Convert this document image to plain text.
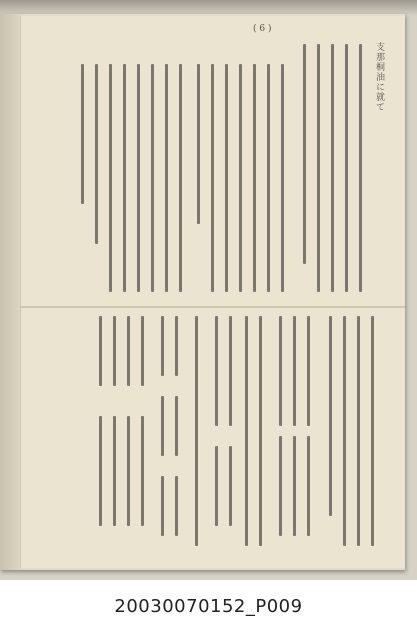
支那桐油に就て
( 6 )
20030070152_P009
